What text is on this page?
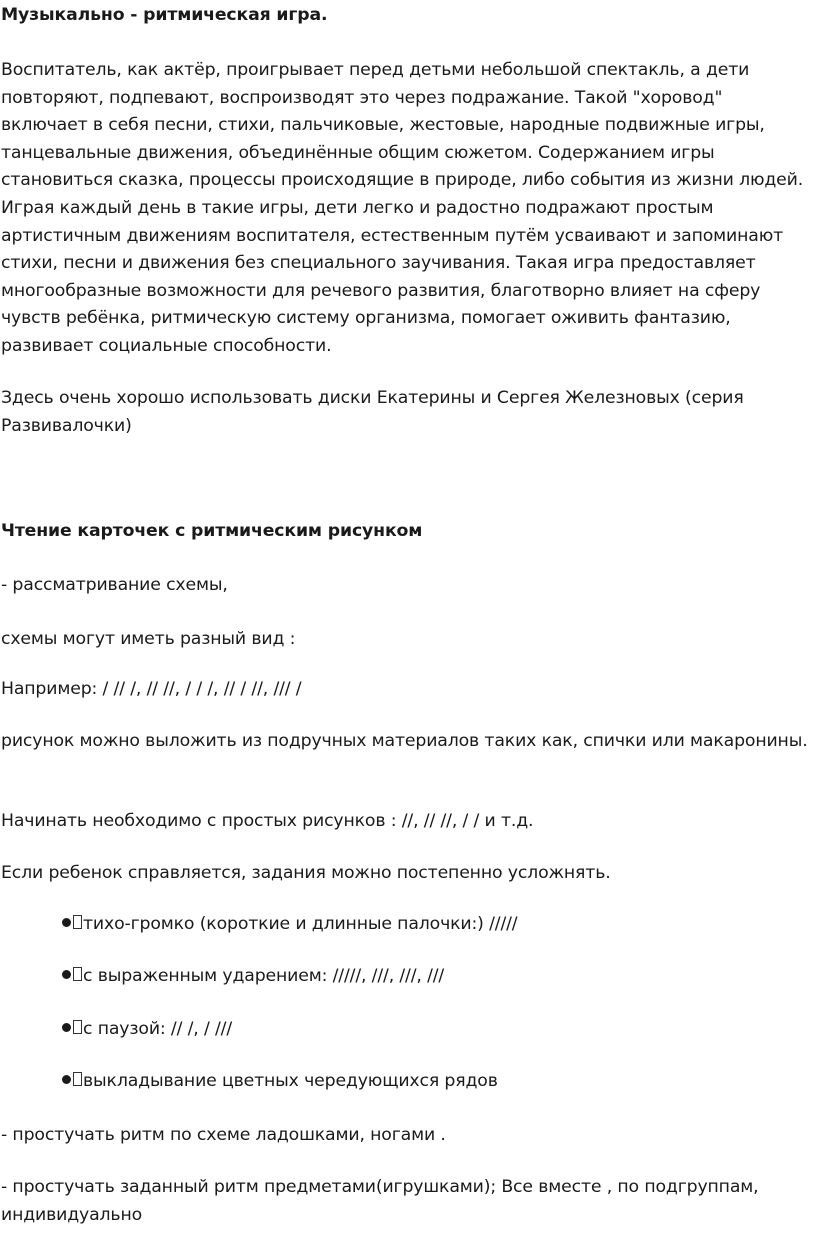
Музыкально - ритмическая игра.

Воспитатель, как актёр, проигрывает перед детьми небольшой спектакль, а дети повторяют, подпевают, воспроизводят это через подражание. Такой "хоровод" включает в себя песни, стихи, пальчиковые, жестовые, народные подвижные игры, танцевальные движения, объединённые общим сюжетом. Содержанием игры становиться сказка, процессы происходящие в природе, либо события из жизни людей. Играя каждый день в такие игры, дети легко и радостно подражают простым артистичным движениям воспитателя, естественным путём усваивают и запоминают стихи, песни и движения без специального заучивания. Такая игра предоставляет многообразные возможности для речевого развития, благотворно влияет на сферу чувств ребёнка, ритмическую систему организма, помогает оживить фантазию, развивает социальные способности.

Здесь очень хорошо использовать диски Екатерины и Сергея Железновых (серия Развивалочки)

Чтение карточек с ритмическим рисунком

- рассматривание схемы,

схемы могут иметь разный вид :

Например: / // /, // //, / / /, // / //, /// /

рисунок можно выложить из подручных материалов таких как, спички или макаронины.

Начинать необходимо с простых рисунков : //, // //, / / и т.д.

Если ребенок справляется, задания можно постепенно усложнять.

тихо-громко (короткие и длинные палочки:) /////

с выраженным ударением: /////, ///, ///, ///

с паузой: // /, / ///

выкладывание цветных чередующихся рядов

- простучать ритм по схеме ладошками, ногами .

- простучать заданный ритм предметами(игрушками); Все вместе , по подгруппам, индивидуально
